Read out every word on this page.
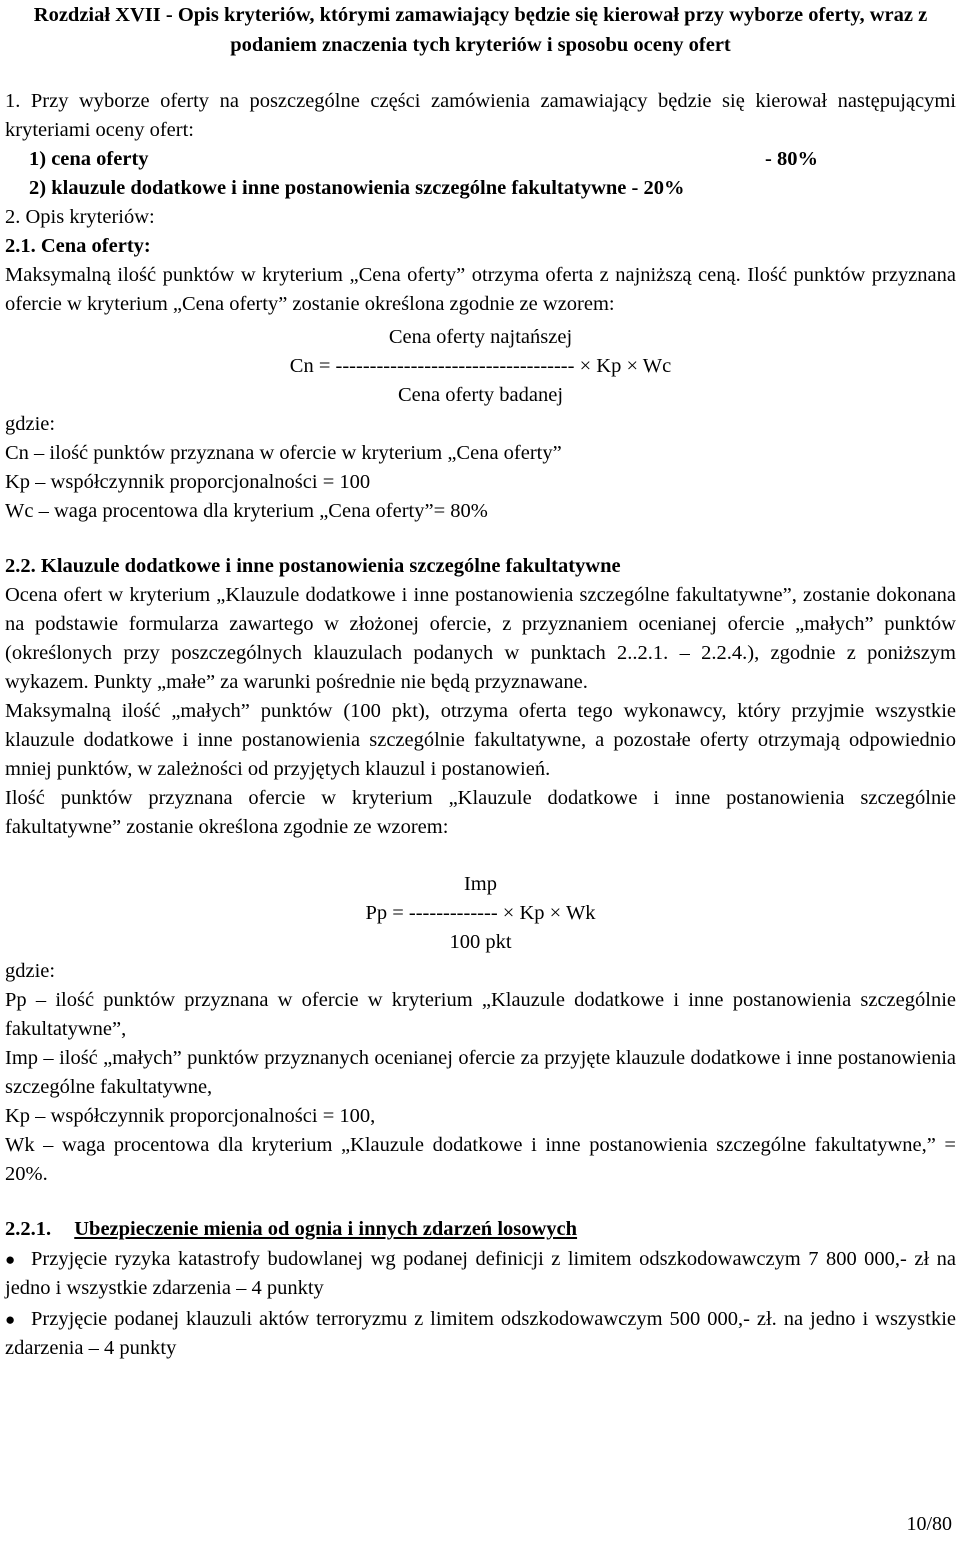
Rozdział XVII - Opis kryteriów, którymi zamawiający będzie się kierował przy wyborze oferty, wraz z podaniem znaczenia tych kryteriów i sposobu oceny ofert

1. Przy wyborze oferty na poszczególne części zamówienia zamawiający będzie się kierował następującymi kryteriami oceny ofert:

1) cena oferty	- 80%

2) klauzule dodatkowe i inne postanowienia szczególne fakultatywne - 20%

2. Opis kryteriów:

2.1. Cena oferty:

Maksymalną ilość punktów w kryterium „Cena oferty” otrzyma oferta z najniższą ceną. Ilość punktów przyznana ofercie w kryterium „Cena oferty” zostanie określona zgodnie ze wzorem:

Cena oferty najtańszej

Cn = ----------------------------------- × Kp × Wc

Cena oferty badanej

gdzie:

Cn – ilość punktów przyznana w ofercie w kryterium „Cena oferty”

Kp – współczynnik proporcjonalności = 100

Wc – waga procentowa dla kryterium „Cena oferty”= 80%

2.2. Klauzule dodatkowe i inne postanowienia szczególne fakultatywne

Ocena ofert w kryterium „Klauzule dodatkowe i inne postanowienia szczególne fakultatywne”, zostanie dokonana na podstawie formularza zawartego w złożonej ofercie, z przyznaniem ocenianej ofercie „małych” punktów (określonych przy poszczególnych klauzulach podanych w punktach 2..2.1. – 2.2.4.), zgodnie z poniższym wykazem. Punkty „małe” za warunki pośrednie nie będą przyznawane.

Maksymalną ilość „małych” punktów (100 pkt), otrzyma oferta tego wykonawcy, który przyjmie wszystkie klauzule dodatkowe i inne postanowienia szczególnie fakultatywne, a pozostałe oferty otrzymają odpowiednio mniej punktów, w zależności od przyjętych klauzul i postanowień.

Ilość punktów przyznana ofercie w kryterium „Klauzule dodatkowe i inne postanowienia szczególnie fakultatywne” zostanie określona zgodnie ze wzorem:

Imp

Pp = ------------- × Kp × Wk

100 pkt

gdzie:

Pp – ilość punktów przyznana w ofercie w kryterium „Klauzule dodatkowe i inne postanowienia szczególnie fakultatywne”,

Imp – ilość „małych” punktów przyznanych ocenianej ofercie za przyjęte klauzule dodatkowe i inne postanowienia szczególne fakultatywne,

Kp – współczynnik proporcjonalności = 100,

Wk – waga procentowa dla kryterium „Klauzule dodatkowe i inne postanowienia szczególne fakultatywne,” = 20%.

2.2.1. Ubezpieczenie mienia od ognia i innych zdarzeń losowych

● Przyjęcie ryzyka katastrofy budowlanej wg podanej definicji z limitem odszkodowawczym 7 800 000,- zł na jedno i wszystkie zdarzenia – 4 punkty

● Przyjęcie podanej klauzuli aktów terroryzmu z limitem odszkodowawczym 500 000,- zł. na jedno i wszystkie zdarzenia – 4 punkty

10/80
